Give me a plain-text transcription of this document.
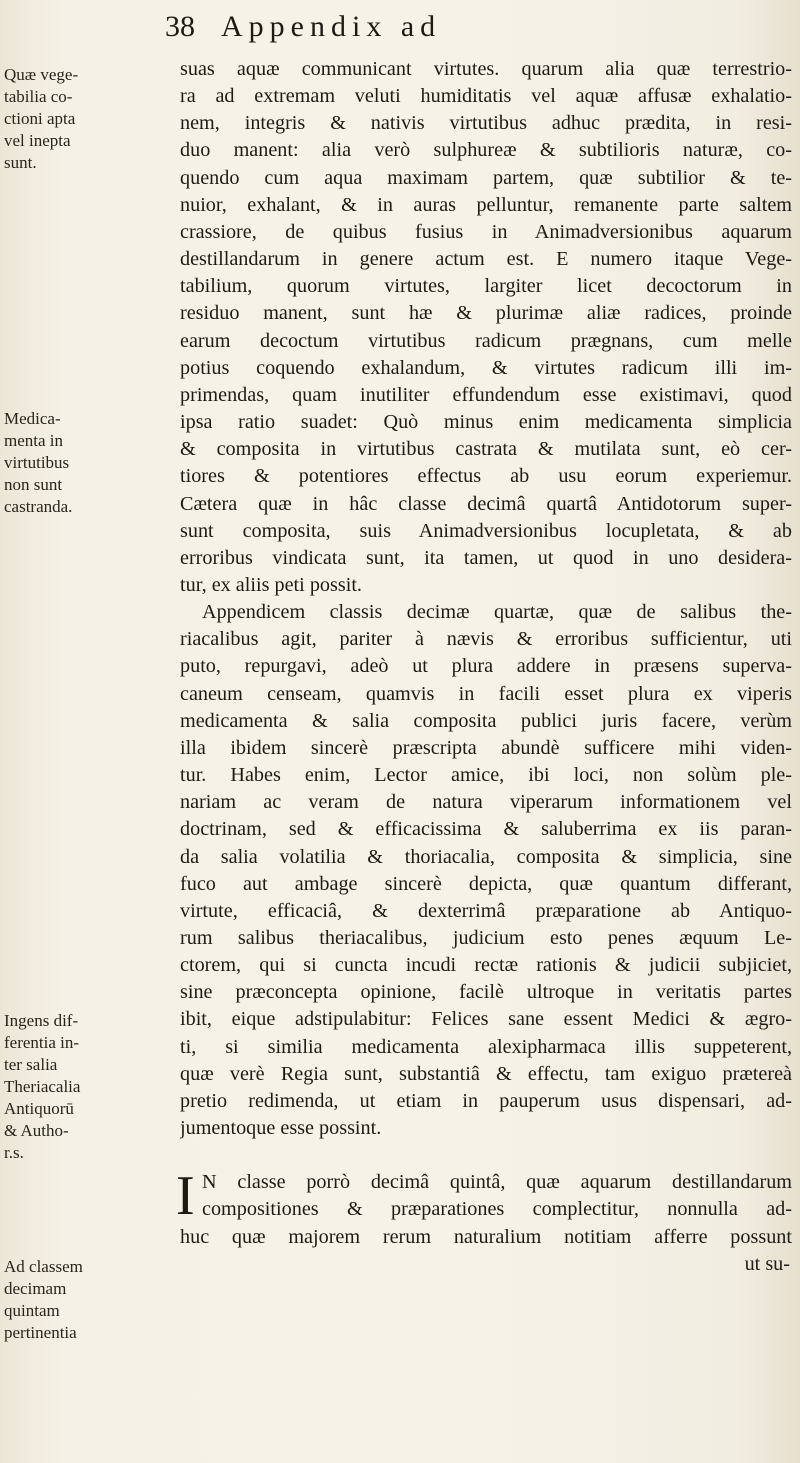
38 Appendix ad
Quæ vege-
tabilia co-
ctioni apta
vel inepta
sunt.
Medica-
menta in
virtutibus
non sunt
castranda.
Ingens dif-
ferentia in-
ter salia
Theriacalia
Antiquorū
& Autho-
r.s.
Ad classem
decimam
quintam
pertinentia
suas aquæ communicant virtutes. quarum alia quæ terrestrio-
ra ad extremam veluti humiditatis vel aquæ affusæ exhalatio-
nem, integris & nativis virtutibus adhuc prædita, in resi-
duo manent: alia verò sulphureæ & subtilioris naturæ, co-
quendo cum aqua maximam partem, quæ subtilior & te-
nuior, exhalant, & in auras pelluntur, remanente parte saltem
crassiore, de quibus fusius in Animadversionibus aquarum
destillandarum in genere actum est. E numero itaque Vege-
tabilium, quorum virtutes, largiter licet decoctorum in
residuo manent, sunt hæ & plurimæ aliæ radices, proinde
earum decoctum virtutibus radicum prægnans, cum melle
potius coquendo exhalandum, & virtutes radicum illi im-
primendas, quam inutiliter effundendum esse existimavi, quod
ipsa ratio suadet: Quò minus enim medicamenta simplicia
& composita in virtutibus castrata & mutilata sunt, eò cer-
tiores & potentiores effectus ab usu eorum experiemur.
Cætera quæ in hâc classe decimâ quartâ Antidotorum super-
sunt composita, suis Animadversionibus locupletata, & ab
erroribus vindicata sunt, ita tamen, ut quod in uno desidera-
tur, ex aliis peti possit.
Appendicem classis decimæ quartæ, quæ de salibus the-
riacalibus agit, pariter à nævis & erroribus sufficientur, uti
puto, repurgavi, adeò ut plura addere in præsens superva-
caneum censeam, quamvis in facili esset plura ex viperis
medicamenta & salia composita publici juris facere, verùm
illa ibidem sincerè præscripta abundè sufficere mihi viden-
tur. Habes enim, Lector amice, ibi loci, non solùm ple-
nariam ac veram de natura viperarum informationem vel
doctrinam, sed & efficacissima & saluberrima ex iis paran-
da salia volatilia & thoriacalia, composita & simplicia, sine
fuco aut ambage sincerè depicta, quæ quantum differant,
virtute, efficaciâ, & dexterrimâ præparatione ab Antiquo-
rum salibus theriacalibus, judicium esto penes æquum Le-
ctorem, qui si cuncta incudi rectæ rationis & judicii subjiciet,
sine præconcepta opinione, facilè ultroque in veritatis partes
ibit, eique adstipulabitur: Felices sane essent Medici & ægro-
ti, si similia medicamenta alexipharmaca illis suppeterent,
quæ verè Regia sunt, substantiâ & effectu, tam exiguo prætereà
pretio redimenda, ut etiam in pauperum usus dispensari, ad-
jumentoque esse possint.
I N classe porrò decimâ quintâ, quæ aquarum destillandarum
compositiones & præparationes complectitur, nonnulla ad-
huc quæ majorem rerum naturalium notitiam afferre possunt
ut su-
